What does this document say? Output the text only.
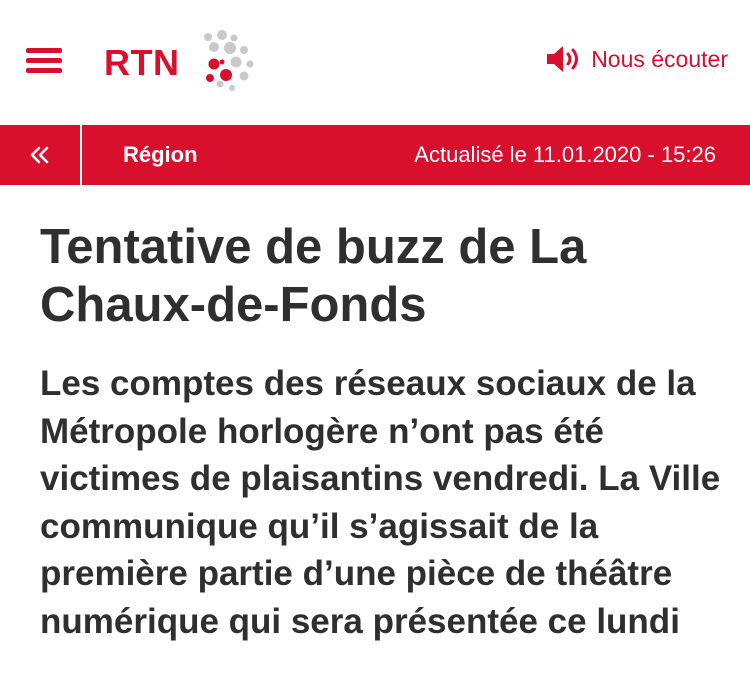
RTN	Nous écouter
Région	Actualisé le 11.01.2020 - 15:26
Tentative de buzz de La Chaux-de-Fonds

Les comptes des réseaux sociaux de la Métropole horlogère n’ont pas été victimes de plaisantins vendredi. La Ville communique qu’il s’agissait de la première partie d’une pièce de théâtre numérique qui sera présentée ce lundi
